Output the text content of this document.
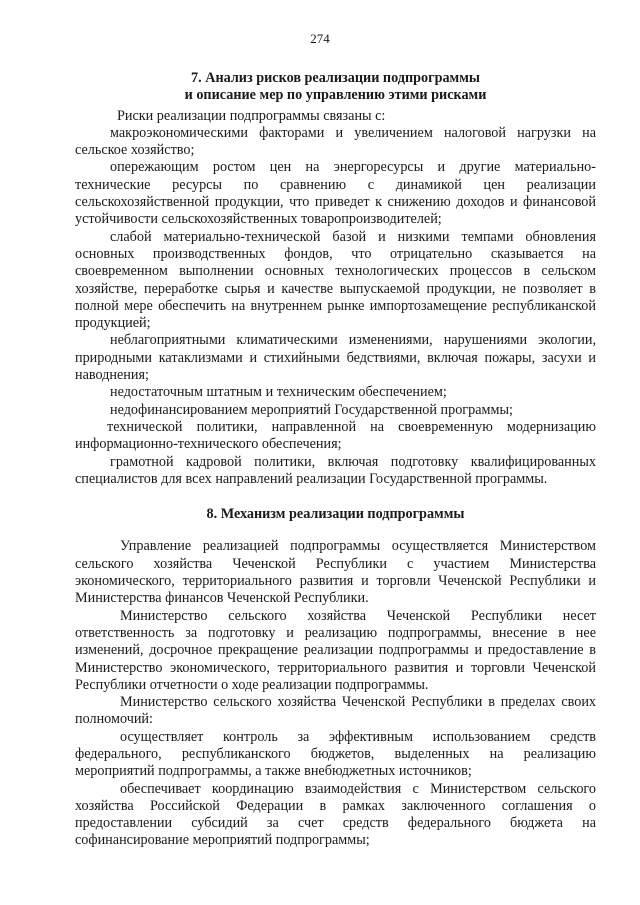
274
7. Анализ рисков реализации подпрограммы
и описание мер по управлению этими рисками

Риски реализации подпрограммы связаны с:

макроэкономическими факторами и увеличением налоговой нагрузки на сельское хозяйство;

опережающим ростом цен на энергоресурсы и другие материально-технические ресурсы по сравнению с динамикой цен реализации сельскохозяйственной продукции, что приведет к снижению доходов и финансовой устойчивости сельскохозяйственных товаропроизводителей;

слабой материально-технической базой и низкими темпами обновления основных производственных фондов, что отрицательно сказывается на своевременном выполнении основных технологических процессов в сельском хозяйстве, переработке сырья и качестве выпускаемой продукции, не позволяет в полной мере обеспечить на внутреннем рынке импортозамещение республиканской продукцией;

неблагоприятными климатическими изменениями, нарушениями экологии, природными катаклизмами и стихийными бедствиями, включая пожары, засухи и наводнения;

недостаточным штатным и техническим обеспечением;

недофинансированием мероприятий Государственной программы;

технической политики, направленной на своевременную модернизацию информационно-технического обеспечения;

грамотной кадровой политики, включая подготовку квалифицированных специалистов для всех направлений реализации Государственной программы.

8. Механизм реализации подпрограммы

Управление реализацией подпрограммы осуществляется Министерством сельского хозяйства Чеченской Республики с участием Министерства экономического, территориального развития и торговли Чеченской Республики и Министерства финансов Чеченской Республики.

Министерство сельского хозяйства Чеченской Республики несет ответственность за подготовку и реализацию подпрограммы, внесение в нее изменений, досрочное прекращение реализации подпрограммы и предоставление в Министерство экономического, территориального развития и торговли Чеченской Республики отчетности о ходе реализации подпрограммы.

Министерство сельского хозяйства Чеченской Республики в пределах своих полномочий:

осуществляет контроль за эффективным использованием средств федерального, республиканского бюджетов, выделенных на реализацию мероприятий подпрограммы, а также внебюджетных источников;

обеспечивает координацию взаимодействия с Министерством сельского хозяйства Российской Федерации в рамках заключенного соглашения о предоставлении субсидий за счет средств федерального бюджета на софинансирование мероприятий подпрограммы;
